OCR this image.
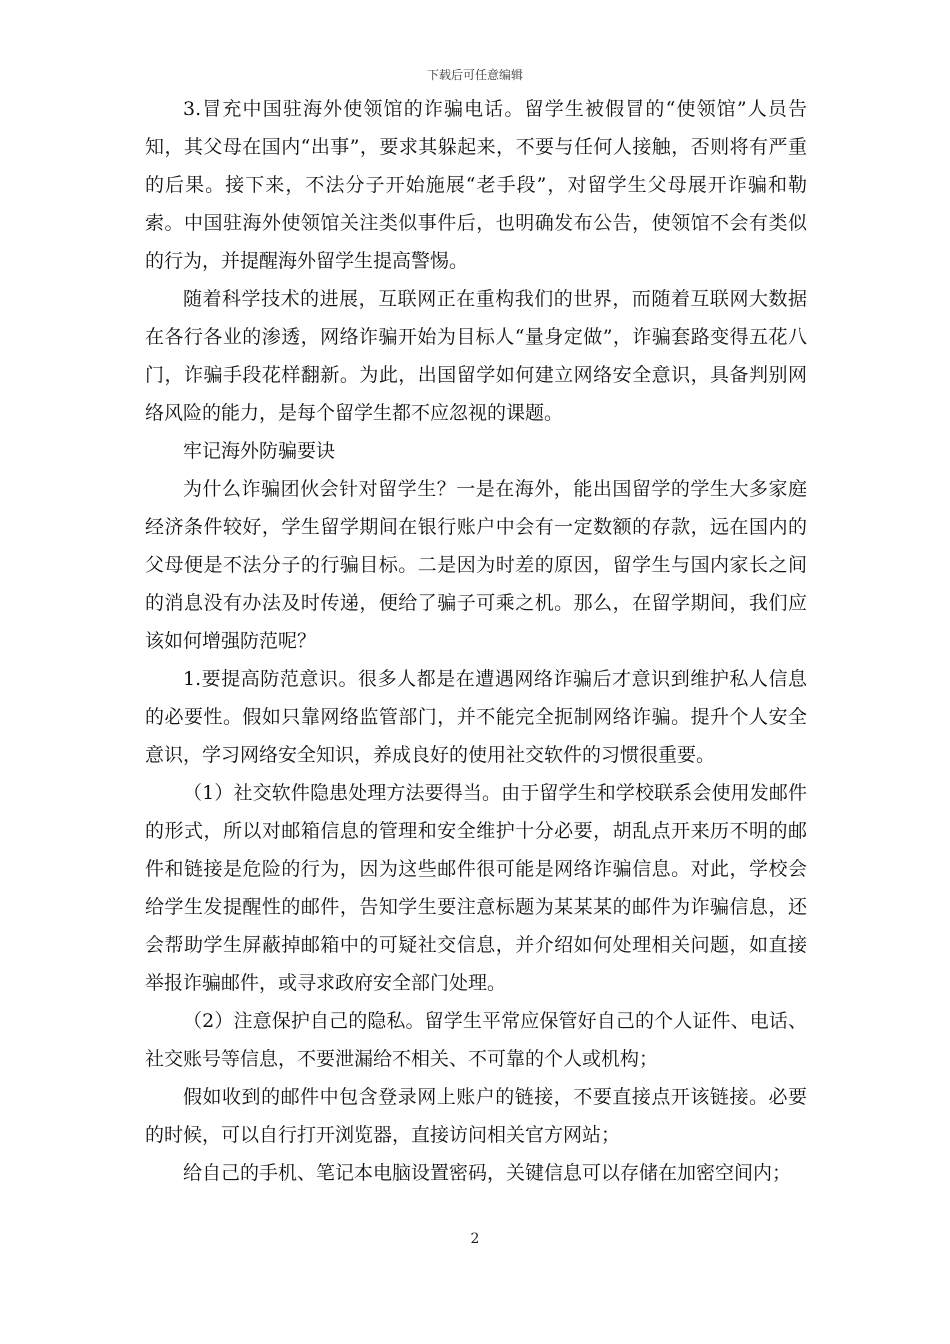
下载后可任意编辑

3.冒充中国驻海外使领馆的诈骗电话。留学生被假冒的“使领馆”人员告知，其父母在国内“出事”，要求其躲起来，不要与任何人接触，否则将有严重的后果。接下来，不法分子开始施展“老手段”，对留学生父母展开诈骗和勒索。中国驻海外使领馆关注类似事件后，也明确发布公告，使领馆不会有类似的行为，并提醒海外留学生提高警惕。

随着科学技术的进展，互联网正在重构我们的世界，而随着互联网大数据在各行各业的渗透，网络诈骗开始为目标人“量身定做”，诈骗套路变得五花八门，诈骗手段花样翻新。为此，出国留学如何建立网络安全意识，具备判别网络风险的能力，是每个留学生都不应忽视的课题。

牢记海外防骗要诀

为什么诈骗团伙会针对留学生？一是在海外，能出国留学的学生大多家庭经济条件较好，学生留学期间在银行账户中会有一定数额的存款，远在国内的父母便是不法分子的行骗目标。二是因为时差的原因，留学生与国内家长之间的消息没有办法及时传递，便给了骗子可乘之机。那么，在留学期间，我们应该如何增强防范呢？

1.要提高防范意识。很多人都是在遭遇网络诈骗后才意识到维护私人信息的必要性。假如只靠网络监管部门，并不能完全扼制网络诈骗。提升个人安全意识，学习网络安全知识，养成良好的使用社交软件的习惯很重要。

（1）社交软件隐患处理方法要得当。由于留学生和学校联系会使用发邮件的形式，所以对邮箱信息的管理和安全维护十分必要，胡乱点开来历不明的邮件和链接是危险的行为，因为这些邮件很可能是网络诈骗信息。对此，学校会给学生发提醒性的邮件，告知学生要注意标题为某某某的邮件为诈骗信息，还会帮助学生屏蔽掉邮箱中的可疑社交信息，并介绍如何处理相关问题，如直接举报诈骗邮件，或寻求政府安全部门处理。

（2）注意保护自己的隐私。留学生平常应保管好自己的个人证件、电话、社交账号等信息，不要泄漏给不相关、不可靠的个人或机构；

假如收到的邮件中包含登录网上账户的链接，不要直接点开该链接。必要的时候，可以自行打开浏览器，直接访问相关官方网站；

给自己的手机、笔记本电脑设置密码，关键信息可以存储在加密空间内；

2
